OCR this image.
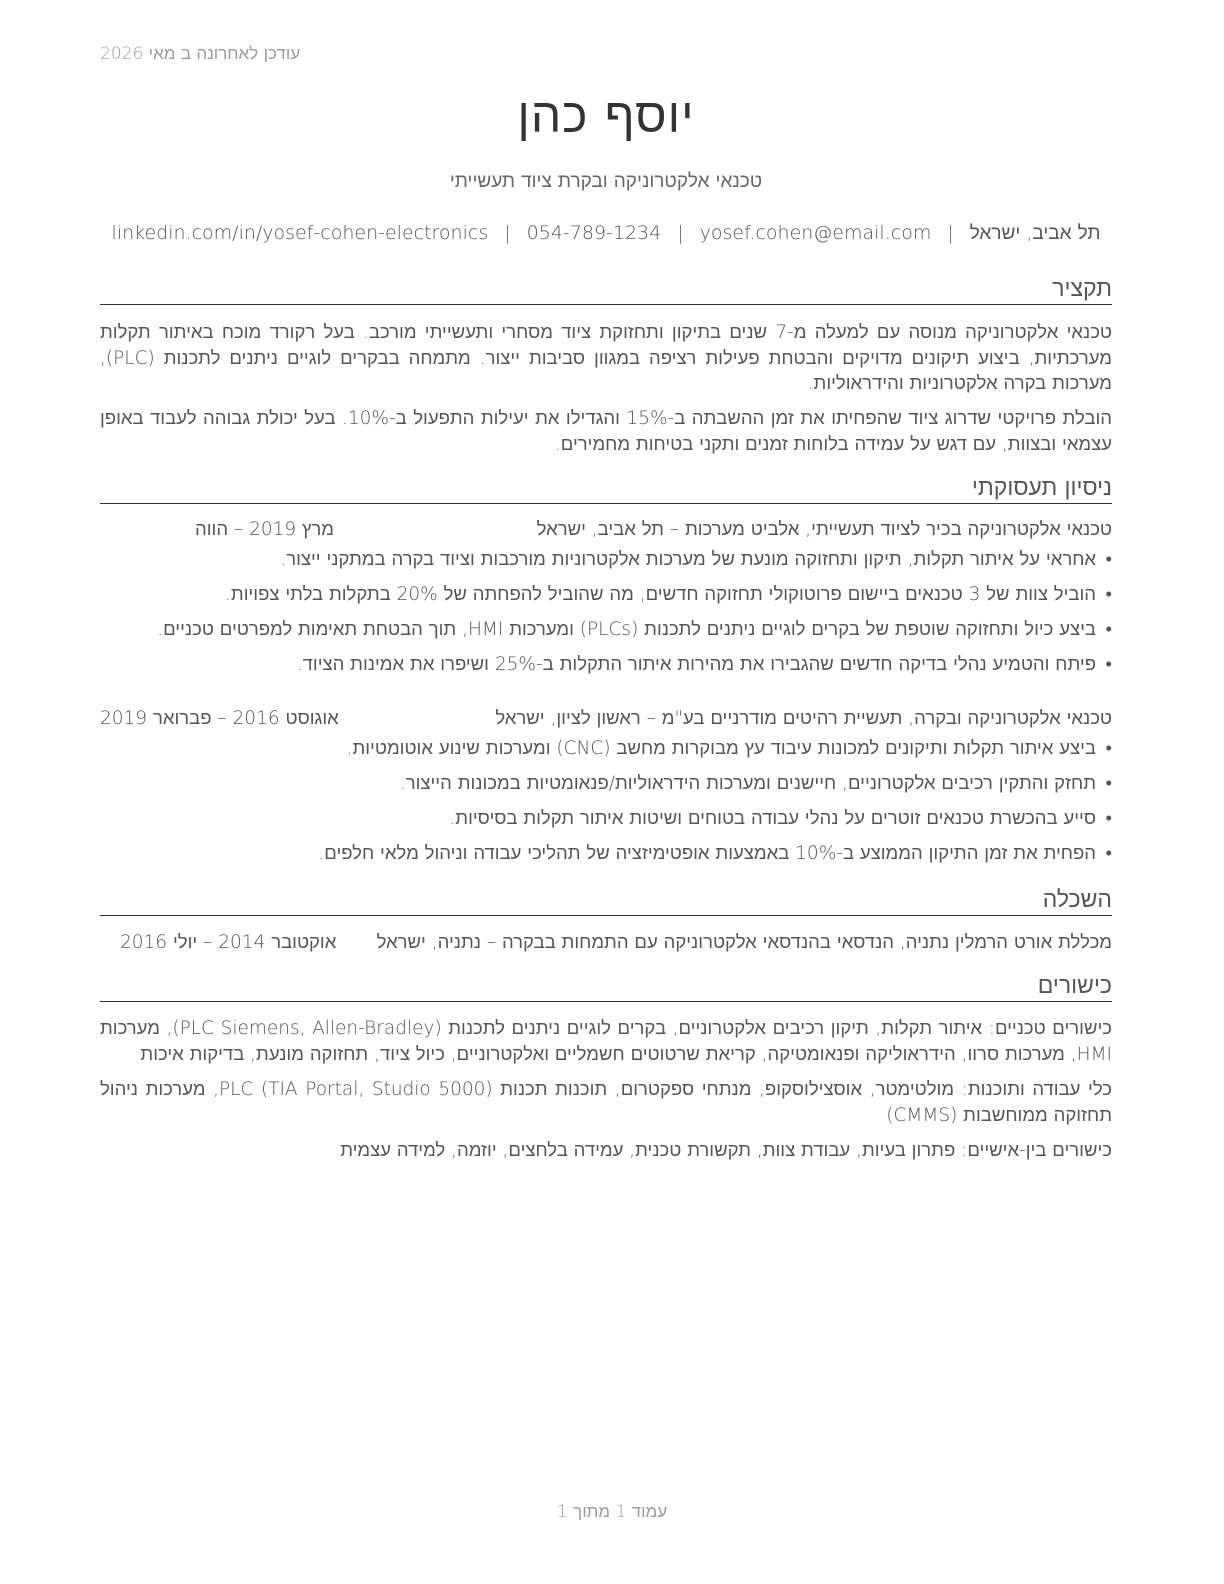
עודכן לאחרונה ב מאי 2026
יוסף כהן
טכנאי אלקטרוניקה ובקרת ציוד תעשייתי
תל אביב, ישראל|yosef.cohen@email.com|054-789-1234|linkedin.com/in/yosef-cohen-electronics
תקציר
טכנאי אלקטרוניקה מנוסה עם למעלה מ-7 שנים בתיקון ותחזוקת ציוד מסחרי ותעשייתי מורכב. בעל רקורד מוכח באיתור תקלות מערכתיות, ביצוע תיקונים מדויקים והבטחת פעילות רציפה במגוון סביבות ייצור. מתמחה בבקרים לוגיים ניתנים לתכנות (PLC), מערכות בקרה אלקטרוניות והידראוליות.
הובלת פרויקטי שדרוג ציוד שהפחיתו את זמן ההשבתה ב-15% והגדילו את יעילות התפעול ב-10%. בעל יכולת גבוהה לעבוד באופן עצמאי ובצוות, עם דגש על עמידה בלוחות זמנים ותקני בטיחות מחמירים.
ניסיון תעסוקתי
טכנאי אלקטרוניקה בכיר לציוד תעשייתי, אלביט מערכות – תל אביב, ישראל
מרץ 2019 – הווה
•
אחראי על איתור תקלות, תיקון ותחזוקה מונעת של מערכות אלקטרוניות מורכבות וציוד בקרה במתקני ייצור.
•
הוביל צוות של 3 טכנאים ביישום פרוטוקולי תחזוקה חדשים, מה שהוביל להפחתה של 20% בתקלות בלתי צפויות.
•
ביצע כיול ותחזוקה שוטפת של בקרים לוגיים ניתנים לתכנות (PLCs) ומערכות HMI, תוך הבטחת תאימות למפרטים טכניים.
•
פיתח והטמיע נהלי בדיקה חדשים שהגבירו את מהירות איתור התקלות ב-25% ושיפרו את אמינות הציוד.
טכנאי אלקטרוניקה ובקרה, תעשיית רהיטים מודרניים בע"מ – ראשון לציון, ישראל
אוגוסט 2016 – פברואר 2019
•
ביצע איתור תקלות ותיקונים למכונות עיבוד עץ מבוקרות מחשב (CNC) ומערכות שינוע אוטומטיות.
•
תחזק והתקין רכיבים אלקטרוניים, חיישנים ומערכות הידראוליות/פנאומטיות במכונות הייצור.
•
סייע בהכשרת טכנאים זוטרים על נהלי עבודה בטוחים ושיטות איתור תקלות בסיסיות.
•
הפחית את זמן התיקון הממוצע ב-10% באמצעות אופטימיזציה של תהליכי עבודה וניהול מלאי חלפים.
השכלה
מכללת אורט הרמלין נתניה, הנדסאי בהנדסאי אלקטרוניקה עם התמחות בבקרה – נתניה, ישראל
אוקטובר 2014 – יולי 2016
כישורים
כישורים טכניים: איתור תקלות, תיקון רכיבים אלקטרוניים, בקרים לוגיים ניתנים לתכנות (PLC Siemens, Allen-Bradley), מערכות HMI, מערכות סרוו, הידראוליקה ופנאומטיקה, קריאת שרטוטים חשמליים ואלקטרוניים, כיול ציוד, תחזוקה מונעת, בדיקות איכות
כלי עבודה ותוכנות: מולטימטר, אוסצילוסקופ, מנתחי ספקטרום, תוכנות תכנות PLC (TIA Portal, Studio 5000), מערכות ניהול תחזוקה ממוחשבות (CMMS)
כישורים בין-אישיים: פתרון בעיות, עבודת צוות, תקשורת טכנית, עמידה בלחצים, יוזמה, למידה עצמית
עמוד 1 מתוך 1
